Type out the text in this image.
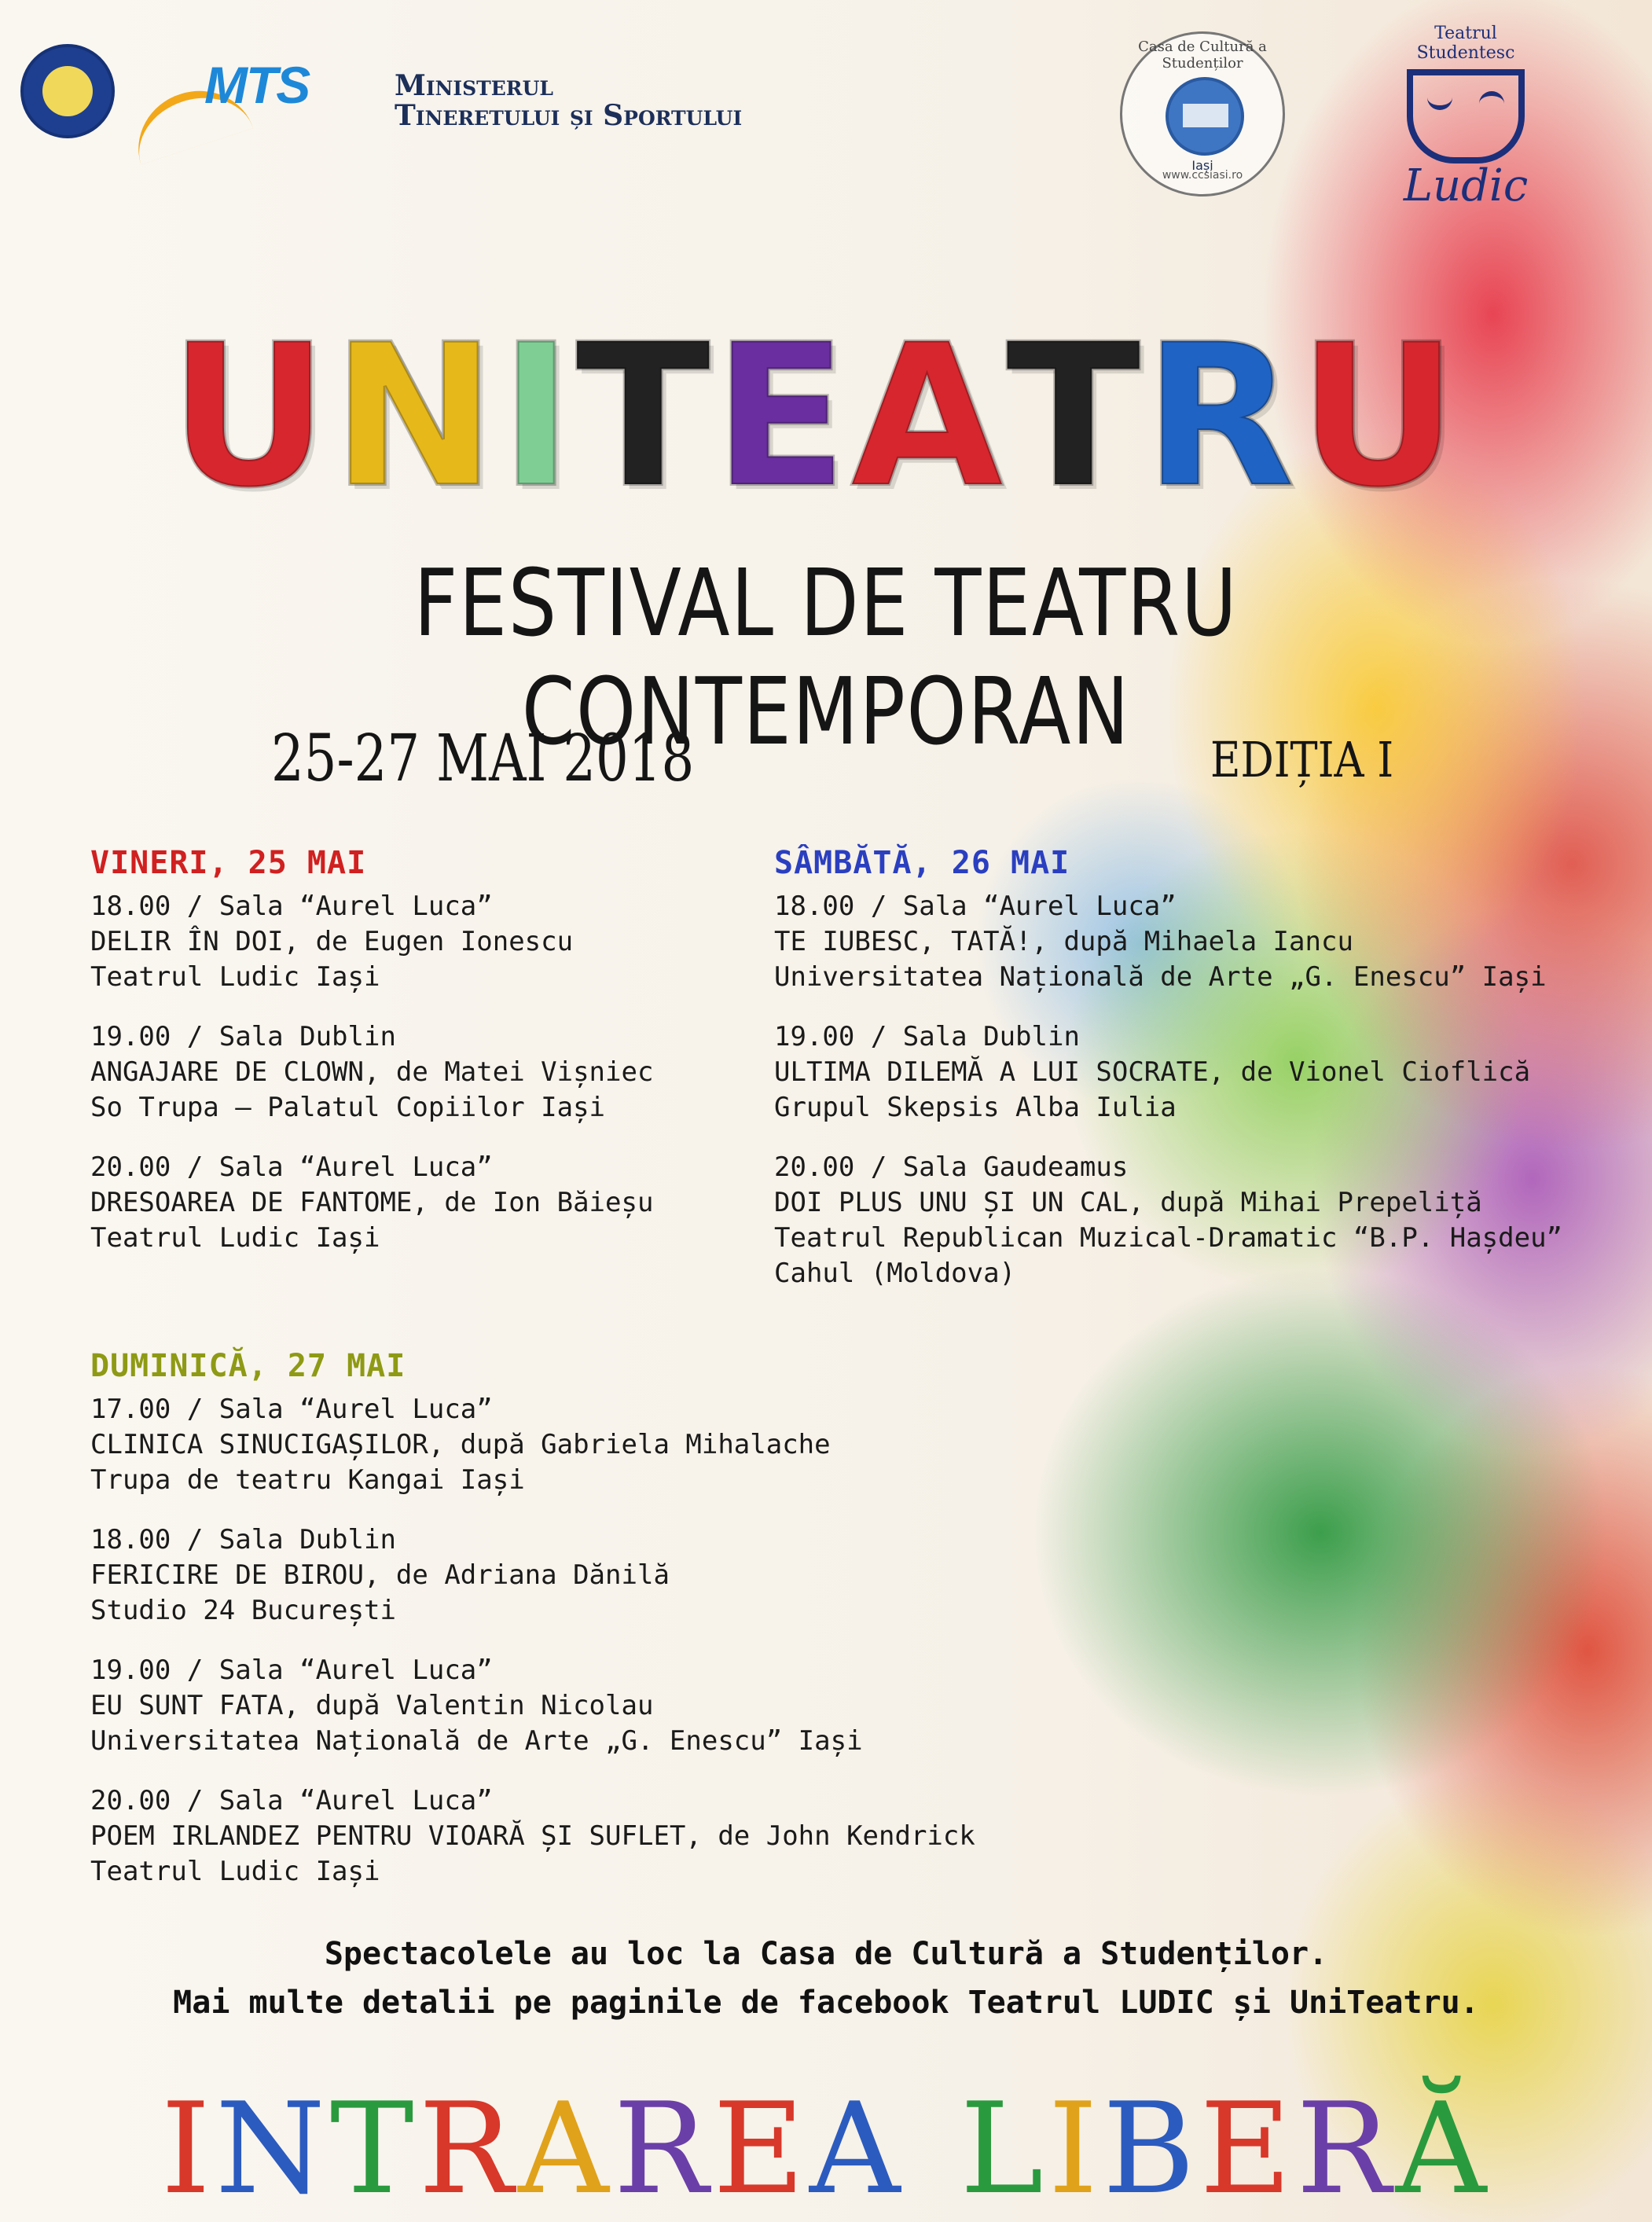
MTS	Ministerul
Tineretului și Sportului
Casa de Cultură a Studenților
Iași
www.ccsiasi.ro
Teatrul Studentesc
Ludic
U N I T E A T R U
FESTIVAL DE TEATRU CONTEMPORAN
25-27 MAI 2018	EDIȚIA I
VINERI, 25 MAI
18.00 / Sala “Aurel Luca”
DELIR ÎN DOI, de Eugen Ionescu
Teatrul Ludic Iași
19.00 / Sala Dublin
ANGAJARE DE CLOWN, de Matei Vișniec
So Trupa – Palatul Copiilor Iași
20.00 / Sala “Aurel Luca”
DRESOAREA DE FANTOME, de Ion Băieșu
Teatrul Ludic Iași
SÂMBĂTĂ, 26 MAI
18.00 / Sala “Aurel Luca”
TE IUBESC, TATĂ!, după Mihaela Iancu
Universitatea Națională de Arte „G. Enescu” Iași
19.00 / Sala Dublin
ULTIMA DILEMĂ A LUI SOCRATE, de Vionel Cioflică
Grupul Skepsis Alba Iulia
20.00 / Sala Gaudeamus
DOI PLUS UNU ȘI UN CAL, după Mihai Prepeliță
Teatrul Republican Muzical-Dramatic “B.P. Hașdeu”
Cahul (Moldova)
DUMINICĂ, 27 MAI
17.00 / Sala “Aurel Luca”
CLINICA SINUCIGAȘILOR, după Gabriela Mihalache
Trupa de teatru Kangai Iași
18.00 / Sala Dublin
FERICIRE DE BIROU, de Adriana Dănilă
Studio 24 București
19.00 / Sala “Aurel Luca”
EU SUNT FATA, după Valentin Nicolau
Universitatea Națională de Arte „G. Enescu” Iași
20.00 / Sala “Aurel Luca”
POEM IRLANDEZ PENTRU VIOARĂ ȘI SUFLET, de John Kendrick
Teatrul Ludic Iași
Spectacolele au loc la Casa de Cultură a Studenților.
Mai multe detalii pe paginile de facebook Teatrul LUDIC și UniTeatru.
INTRAREA LIBERĂ
